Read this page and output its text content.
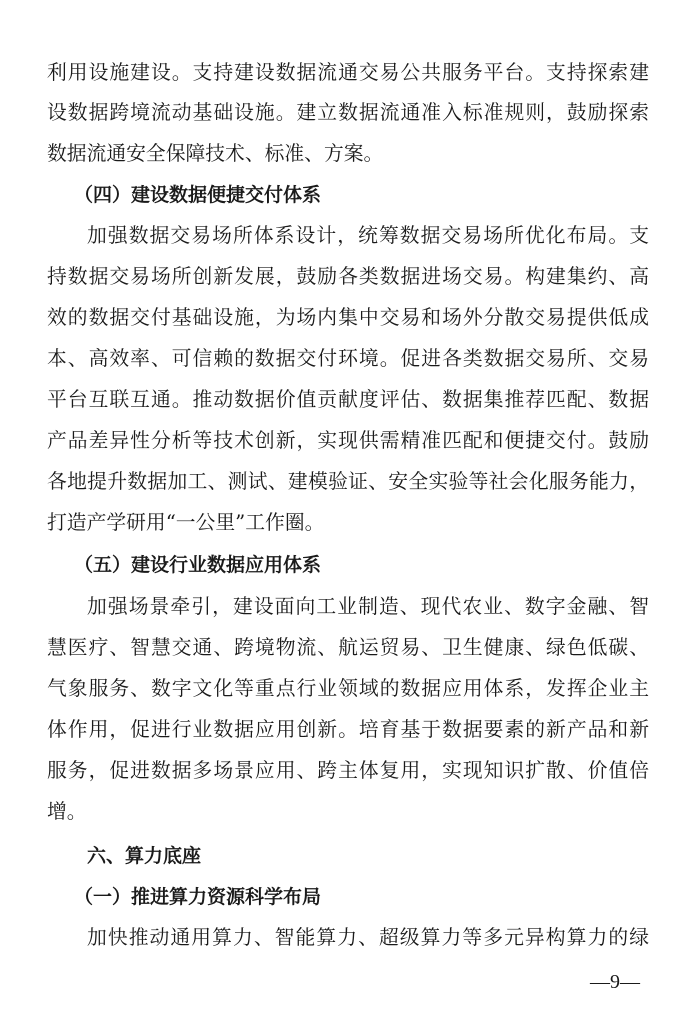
利用设施建设。支持建设数据流通交易公共服务平台。支持探索建
设数据跨境流动基础设施。建立数据流通准入标准规则，鼓励探索
数据流通安全保障技术、标准、方案。
（四）建设数据便捷交付体系
加强数据交易场所体系设计，统筹数据交易场所优化布局。支
持数据交易场所创新发展，鼓励各类数据进场交易。构建集约、高
效的数据交付基础设施，为场内集中交易和场外分散交易提供低成
本、高效率、可信赖的数据交付环境。促进各类数据交易所、交易
平台互联互通。推动数据价值贡献度评估、数据集推荐匹配、数据
产品差异性分析等技术创新，实现供需精准匹配和便捷交付。鼓励
各地提升数据加工、测试、建模验证、安全实验等社会化服务能力，
打造产学研用“一公里”工作圈。
（五）建设行业数据应用体系
加强场景牵引，建设面向工业制造、现代农业、数字金融、智
慧医疗、智慧交通、跨境物流、航运贸易、卫生健康、绿色低碳、
气象服务、数字文化等重点行业领域的数据应用体系，发挥企业主
体作用，促进行业数据应用创新。培育基于数据要素的新产品和新
服务，促进数据多场景应用、跨主体复用，实现知识扩散、价值倍
增。
六、算力底座
（一）推进算力资源科学布局
加快推动通用算力、智能算力、超级算力等多元异构算力的绿
—9—
